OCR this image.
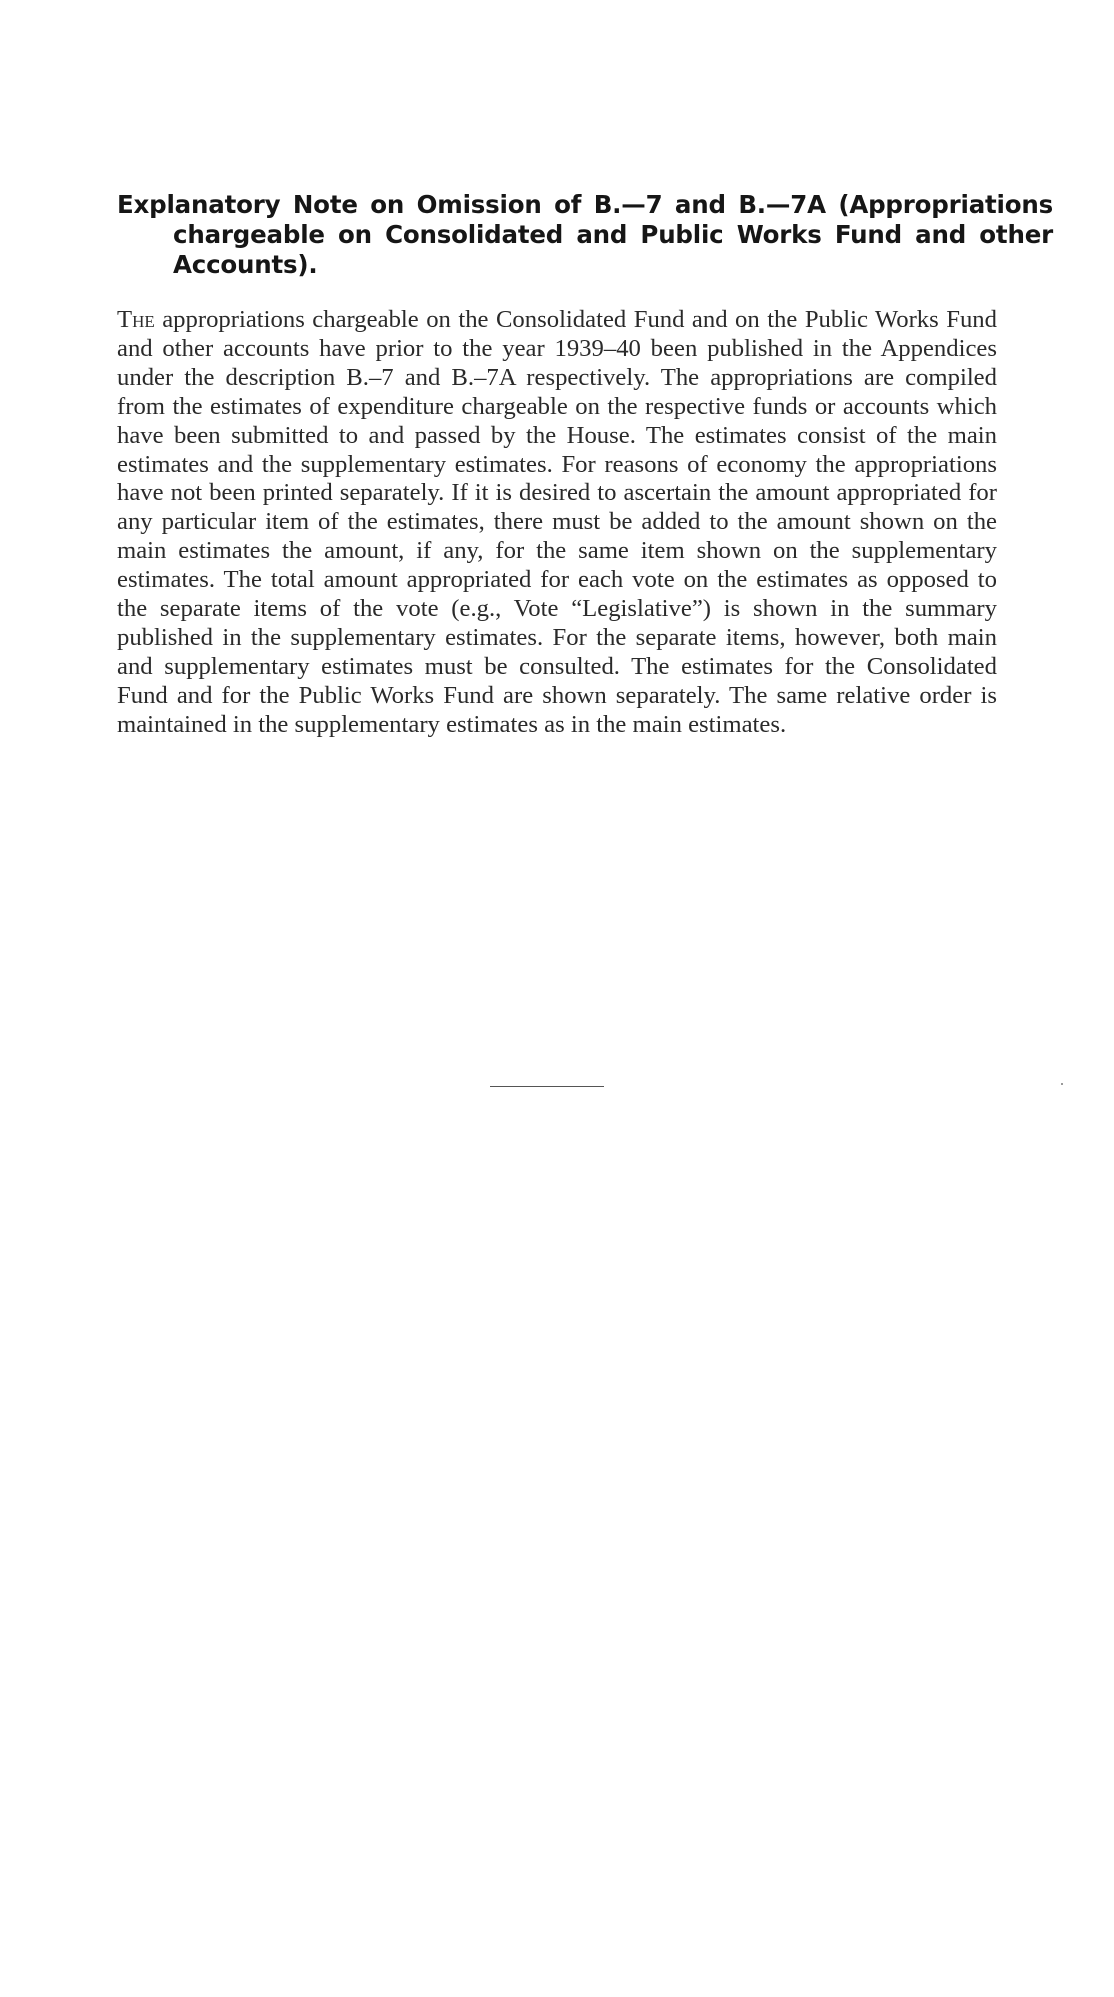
Explanatory Note on Omission of B.—7 and B.—7A (Appropriations chargeable on Consolidated and Public Works Fund and other Accounts).

The appropriations chargeable on the Consolidated Fund and on the Public Works Fund and other accounts have prior to the year 1939–40 been published in the Appendices under the description B.–7 and B.–7A respectively. The appropriations are compiled from the estimates of expenditure chargeable on the respective funds or accounts which have been submitted to and passed by the House. The estimates consist of the main estimates and the supplementary estimates. For reasons of economy the appropriations have not been printed separately. If it is desired to ascertain the amount appropriated for any particular item of the estimates, there must be added to the amount shown on the main estimates the amount, if any, for the same item shown on the supplementary estimates. The total amount appropriated for each vote on the estimates as opposed to the separate items of the vote (e.g., Vote “Legislative”) is shown in the summary published in the supplementary estimates. For the separate items, however, both main and supplementary estimates must be consulted. The estimates for the Consolidated Fund and for the Public Works Fund are shown separately. The same relative order is maintained in the supplementary estimates as in the main estimates.
